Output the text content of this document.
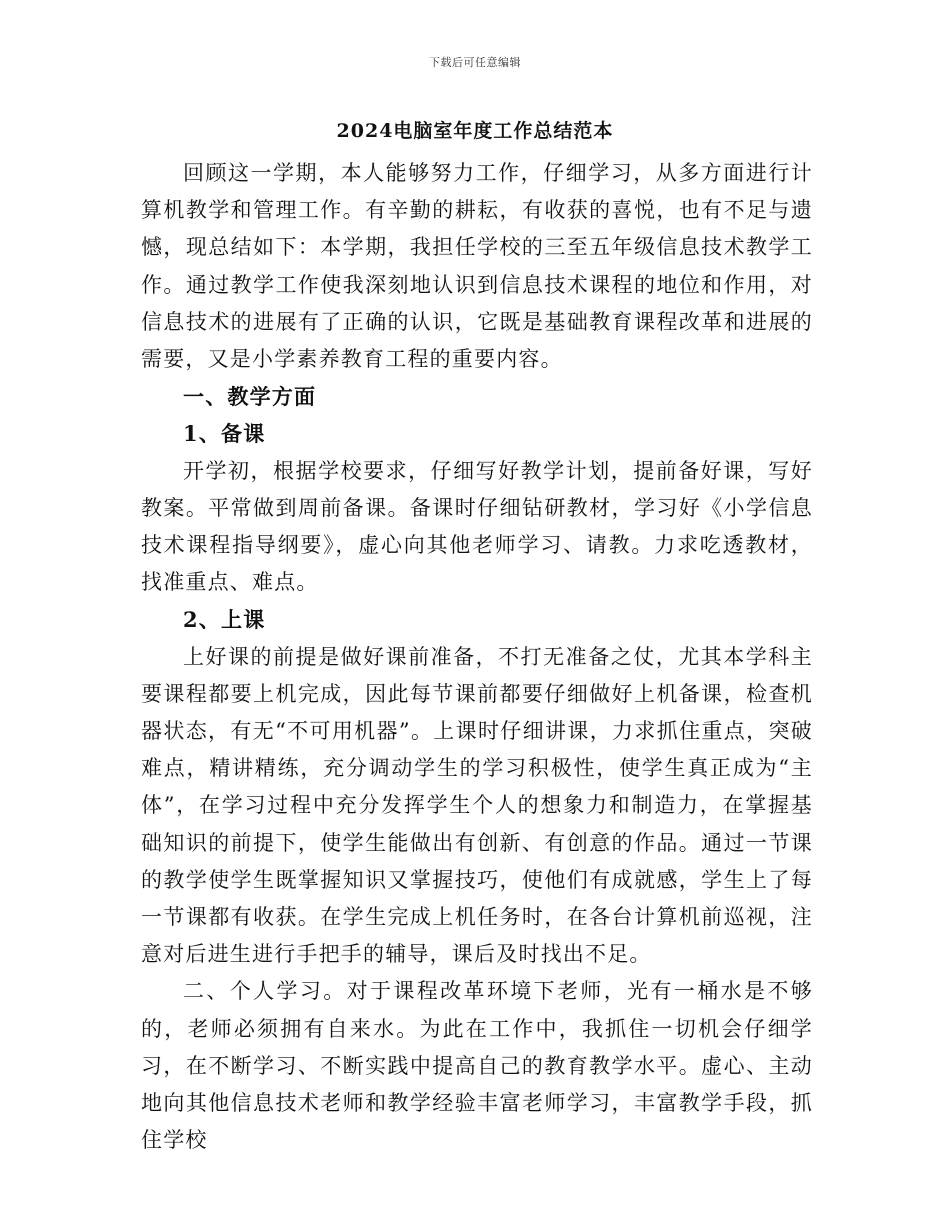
下载后可任意编辑
2024电脑室年度工作总结范本

回顾这一学期，本人能够努力工作，仔细学习，从多方面进行计算机教学和管理工作。有辛勤的耕耘，有收获的喜悦，也有不足与遗憾，现总结如下：本学期，我担任学校的三至五年级信息技术教学工作。通过教学工作使我深刻地认识到信息技术课程的地位和作用，对信息技术的进展有了正确的认识，它既是基础教育课程改革和进展的需要，又是小学素养教育工程的重要内容。

一、教学方面
1、备课

开学初，根据学校要求，仔细写好教学计划，提前备好课，写好教案。平常做到周前备课。备课时仔细钻研教材，学习好《小学信息技术课程指导纲要》，虚心向其他老师学习、请教。力求吃透教材，找准重点、难点。

2、上课

上好课的前提是做好课前准备，不打无准备之仗，尤其本学科主要课程都要上机完成，因此每节课前都要仔细做好上机备课，检查机器状态，有无“不可用机器”。上课时仔细讲课，力求抓住重点，突破难点，精讲精练，充分调动学生的学习积极性，使学生真正成为“主体”，在学习过程中充分发挥学生个人的想象力和制造力，在掌握基础知识的前提下，使学生能做出有创新、有创意的作品。通过一节课的教学使学生既掌握知识又掌握技巧，使他们有成就感，学生上了每一节课都有收获。在学生完成上机任务时，在各台计算机前巡视，注意对后进生进行手把手的辅导，课后及时找出不足。

二、个人学习。对于课程改革环境下老师，光有一桶水是不够的，老师必须拥有自来水。为此在工作中，我抓住一切机会仔细学习，在不断学习、不断实践中提高自己的教育教学水平。虚心、主动地向其他信息技术老师和教学经验丰富老师学习，丰富教学手段，抓住学校
